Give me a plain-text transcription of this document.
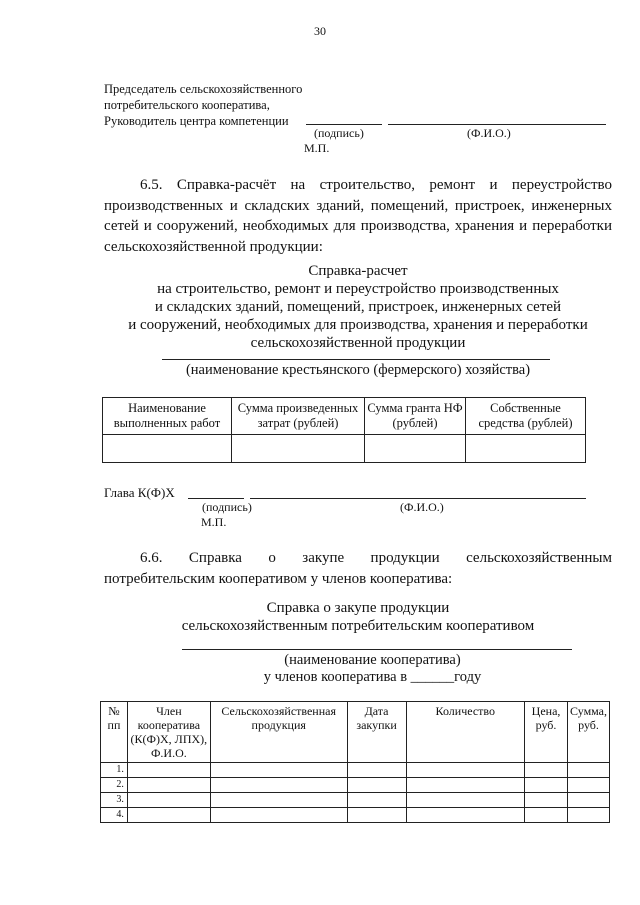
30
Председатель сельскохозяйственного
потребительского кооператива,
Руководитель центра компетенции
(подпись)	(Ф.И.О.)
М.П.
6.5. Справка-расчёт на строительство, ремонт и переустройство производственных и складских зданий, помещений, пристроек, инженерных сетей и сооружений, необходимых для производства, хранения и переработки сельскохозяйственной продукции:
Справка-расчет
на строительство, ремонт и переустройство производственных
и складских зданий, помещений, пристроек, инженерных сетей
и сооружений, необходимых для производства, хранения и переработки
сельскохозяйственной продукции
(наименование крестьянского (фермерского) хозяйства)
Наименование выполненных работ	Сумма произведенных затрат (рублей)	Сумма гранта НФ (рублей)	Собственные средства (рублей)

Глава К(Ф)Х
(подпись)	(Ф.И.О.)
М.П.
6.6. Справка о закупе продукции сельскохозяйственным потребительским кооперативом у членов кооператива:
Справка о закупе продукции
сельскохозяйственным потребительским кооперативом
(наименование кооператива)
у членов кооператива в ______году
№ пп	Член кооператива (К(Ф)Х, ЛПХ), Ф.И.О.	Сельскохозяйственная продукция	Дата закупки	Количество	Цена, руб.	Сумма, руб.
1.						
2.						
3.						
4.						
